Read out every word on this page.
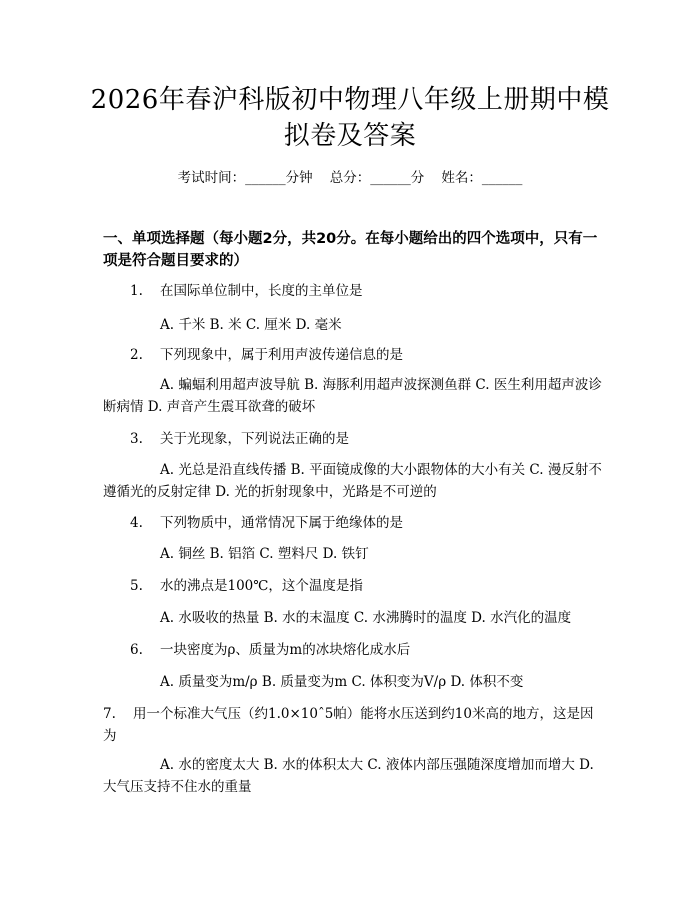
2026年春沪科版初中物理八年级上册期中模拟卷及答案
考试时间：______分钟    总分：______分    姓名：______
一、单项选择题（每小题2分，共20分。在每小题给出的四个选项中，只有一项是符合题目要求的）
1. 在国际单位制中，长度的主单位是
A. 千米 B. 米 C. 厘米 D. 毫米
2. 下列现象中，属于利用声波传递信息的是
A. 蝙蝠利用超声波导航 B. 海豚利用超声波探测鱼群 C. 医生利用超声波诊断病情 D. 声音产生震耳欲聋的破坏
3. 关于光现象，下列说法正确的是
A. 光总是沿直线传播 B. 平面镜成像的大小跟物体的大小有关 C. 漫反射不遵循光的反射定律 D. 光的折射现象中，光路是不可逆的
4. 下列物质中，通常情况下属于绝缘体的是
A. 铜丝 B. 铝箔 C. 塑料尺 D. 铁钉
5. 水的沸点是100℃，这个温度是指
A. 水吸收的热量 B. 水的末温度 C. 水沸腾时的温度 D. 水汽化的温度
6. 一块密度为ρ、质量为m的冰块熔化成水后
A. 质量变为m/ρ B. 质量变为m C. 体积变为V/ρ D. 体积不变
7. 用一个标准大气压（约1.0×10ˆ5帕）能将水压送到约10米高的地方，这是因为
A. 水的密度太大 B. 水的体积太大 C. 液体内部压强随深度增加而增大 D. 大气压支持不住水的重量
